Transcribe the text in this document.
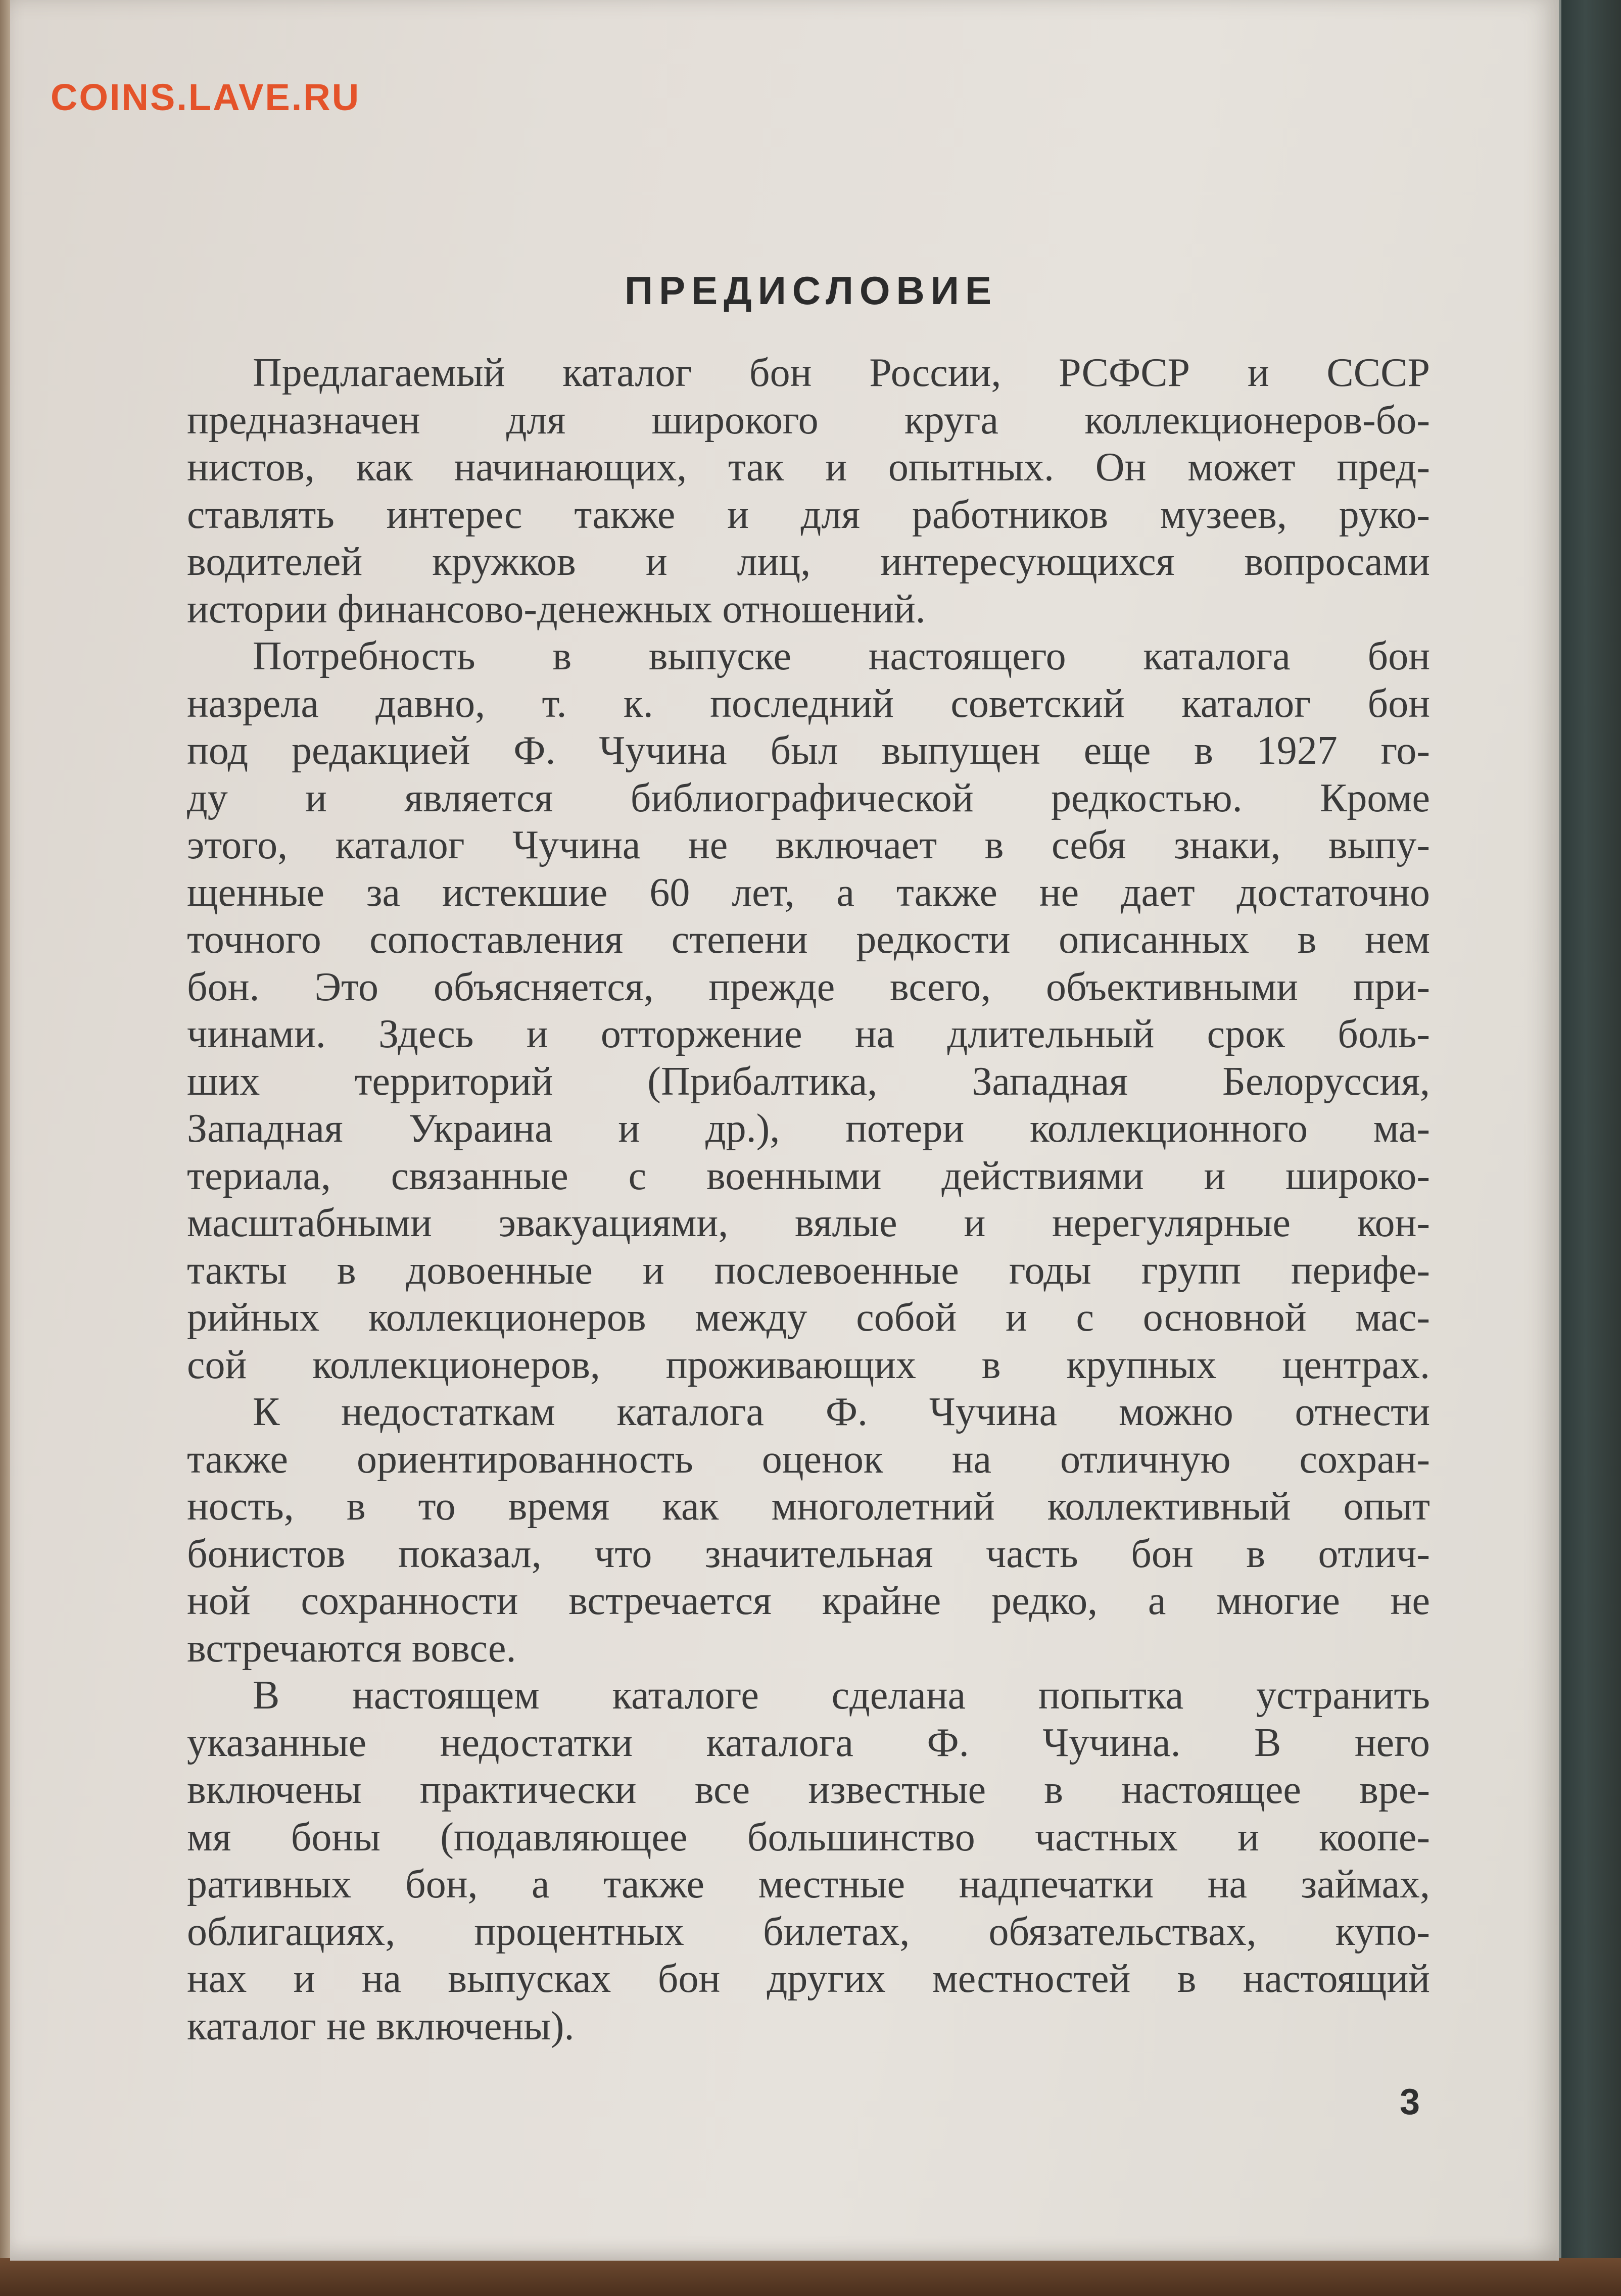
COINS.LAVE.RU
ПРЕДИСЛОВИЕ
Предлагаемый каталог бон России, РСФСР и СССР
предназначен для широкого круга коллекционеров-бо-
нистов, как начинающих, так и опытных. Он может пред-
ставлять интерес также и для работников музеев, руко-
водителей кружков и лиц, интересующихся вопросами
истории финансово-денежных отношений.
Потребность в выпуске настоящего каталога бон
назрела давно, т. к. последний советский каталог бон
под редакцией Ф. Чучина был выпущен еще в 1927 го-
ду и является библиографической редкостью. Кроме
этого, каталог Чучина не включает в себя знаки, выпу-
щенные за истекшие 60 лет, а также не дает достаточно
точного сопоставления степени редкости описанных в нем
бон. Это объясняется, прежде всего, объективными при-
чинами. Здесь и отторжение на длительный срок боль-
ших территорий (Прибалтика, Западная Белоруссия,
Западная Украина и др.), потери коллекционного ма-
териала, связанные с военными действиями и широко-
масштабными эвакуациями, вялые и нерегулярные кон-
такты в довоенные и послевоенные годы групп перифе-
рийных коллекционеров между собой и с основной мас-
сой коллекционеров, проживающих в крупных центрах.
К недостаткам каталога Ф. Чучина можно отнести
также ориентированность оценок на отличную сохран-
ность, в то время как многолетний коллективный опыт
бонистов показал, что значительная часть бон в отлич-
ной сохранности встречается крайне редко, а многие не
встречаются вовсе.
В настоящем каталоге сделана попытка устранить
указанные недостатки каталога Ф. Чучина. В него
включены практически все известные в настоящее вре-
мя боны (подавляющее большинство частных и коопе-
ративных бон, а также местные надпечатки на займах,
облигациях, процентных билетах, обязательствах, купо-
нах и на выпусках бон других местностей в настоящий
каталог не включены).
3
